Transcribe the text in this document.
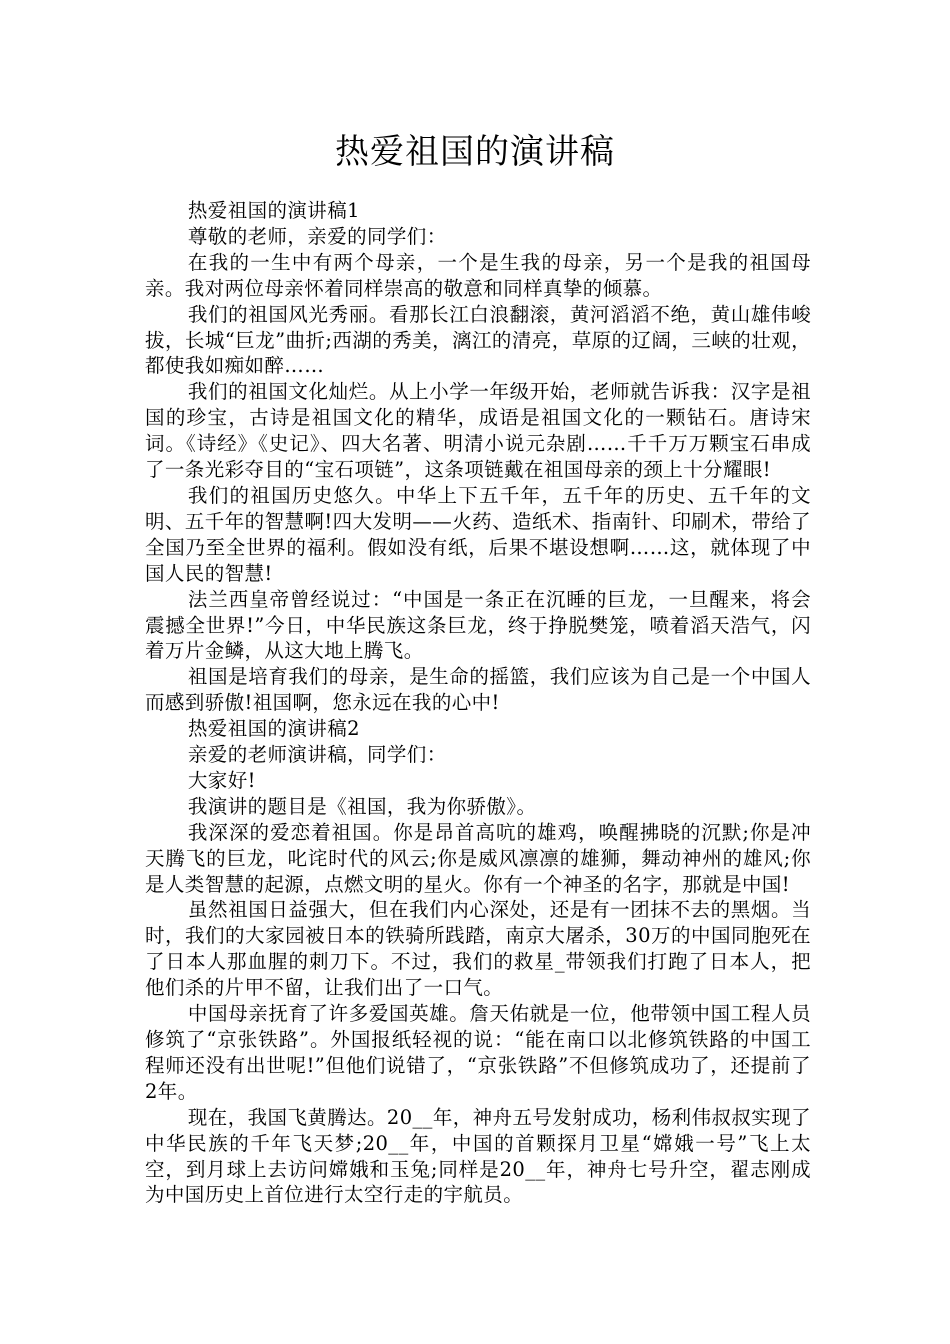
热爱祖国的演讲稿

热爱祖国的演讲稿1

尊敬的老师，亲爱的同学们：

在我的一生中有两个母亲，一个是生我的母亲，另一个是我的祖国母亲。我对两位母亲怀着同样崇高的敬意和同样真挚的倾慕。

我们的祖国风光秀丽。看那长江白浪翻滚，黄河滔滔不绝，黄山雄伟峻拔，长城“巨龙”曲折;西湖的秀美，漓江的清亮，草原的辽阔，三峡的壮观，都使我如痴如醉……

我们的祖国文化灿烂。从上小学一年级开始，老师就告诉我：汉字是祖国的珍宝，古诗是祖国文化的精华，成语是祖国文化的一颗钻石。唐诗宋词。《诗经》《史记》、四大名著、明清小说元杂剧……千千万万颗宝石串成了一条光彩夺目的“宝石项链”，这条项链戴在祖国母亲的颈上十分耀眼!

我们的祖国历史悠久。中华上下五千年，五千年的历史、五千年的文明、五千年的智慧啊!四大发明——火药、造纸术、指南针、印刷术，带给了全国乃至全世界的福利。假如没有纸，后果不堪设想啊……这，就体现了中国人民的智慧!

法兰西皇帝曾经说过：“中国是一条正在沉睡的巨龙，一旦醒来，将会震撼全世界!”今日，中华民族这条巨龙，终于挣脱樊笼，喷着滔天浩气，闪着万片金鳞，从这大地上腾飞。

祖国是培育我们的母亲，是生命的摇篮，我们应该为自己是一个中国人而感到骄傲!祖国啊，您永远在我的心中!

热爱祖国的演讲稿2

亲爱的老师演讲稿，同学们：

大家好!

我演讲的题目是《祖国，我为你骄傲》。

我深深的爱恋着祖国。你是昂首高吭的雄鸡，唤醒拂晓的沉默;你是冲天腾飞的巨龙，叱诧时代的风云;你是威风凛凛的雄狮，舞动神州的雄风;你是人类智慧的起源，点燃文明的星火。你有一个神圣的名字，那就是中国!

虽然祖国日益强大，但在我们内心深处，还是有一团抹不去的黑烟。当时，我们的大家园被日本的铁骑所践踏，南京大屠杀，30万的中国同胞死在了日本人那血腥的刺刀下。不过，我们的救星_带领我们打跑了日本人，把他们杀的片甲不留，让我们出了一口气。

中国母亲抚育了许多爱国英雄。詹天佑就是一位，他带领中国工程人员修筑了“京张铁路”。外国报纸轻视的说：“能在南口以北修筑铁路的中国工程师还没有出世呢!”但他们说错了，“京张铁路”不但修筑成功了，还提前了2年。

现在，我国飞黄腾达。20__年，神舟五号发射成功，杨利伟叔叔实现了中华民族的千年飞天梦;20__年，中国的首颗探月卫星“嫦娥一号”飞上太空，到月球上去访问嫦娥和玉兔;同样是20__年，神舟七号升空，翟志刚成为中国历史上首位进行太空行走的宇航员。
